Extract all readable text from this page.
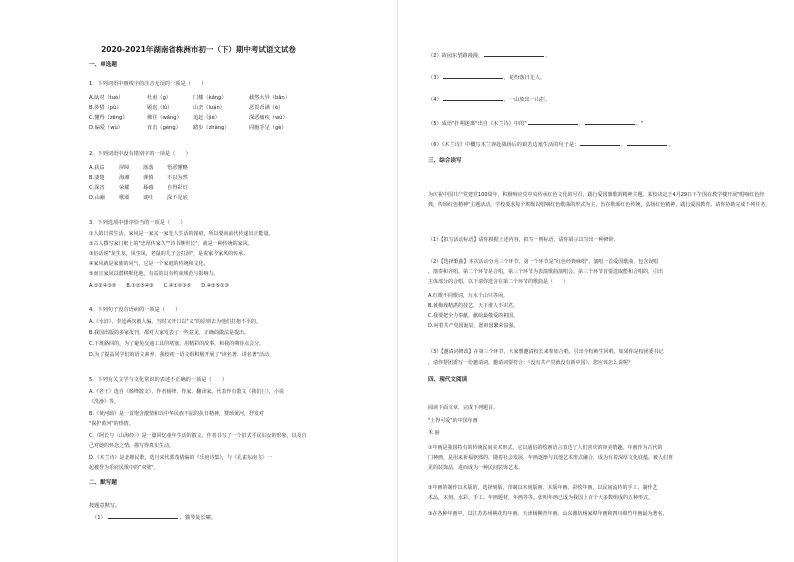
2020-2021年湖南省株洲市初一（下）期中考试语文试卷
一、单选题
1．下列词语中画线字的注音无误的一项是（　　）
A.驮对（tuó）	杜甫（ɡ）	门槛（kǎnɡ）	截然大异（bǎn）
B.涉猎（pù）	顾虑（lǜ）	山峦（luán）	恶贯币满（è）
C.懂得（zēnɡ）	佛往（wǎnɡ） 追赶（jié）	深恶痛疾（wù）
D.偏爱（wù）	直击（ɡènɡ） 踏步（zhànɡ）	同胞手足（ɡè）
2．下列词语中没有错别字的一项是（　　）
A.获益	屏障	落落	悟恶懂略
B.凄楚	海滩	谨慎	不以为然
C.深宵	荣耀	蓦感	自得彩灯
D.山巅	歌颂	谈吐	深不见底
3．下列选项中排序恰当的一项是（　　）
①人的日常生活，家风是一家又一家先人生活的铭痕，所以要向前代传递出正能量。
②古人撰写家门框上的"忠厚传家久""诗书继世长"，就是一种传统的家风。
③俗话说"龙生龙，凤生凤，老鼠的儿子会打洞"，是说家今家风的传承。
④家风就是家族的风气，它是一个家庭的传统和文化。
⑤而且家风以潜移默化地，有益的具有约束规范与影响力。
A.①②④③⑤　　B.①②⑤④③　　C.④①②③⑤　　D.④②⑤①③
4．下列句子没有语病的一项是（　　）
A.《水浒》，李逵两次被人骗。当时又开口以"义"的原则去为他们打抱不平的。
B.我国出版的多家报刊，都对大家发表了一些意见，正确的做法是提出。
C.下班路回的，为了避免交通工具的堵塞，用精彩的故事，和我的期待点会分。
D.为了提高同学们的语文素养，我校初一语文组积极开展了"读名著、讲名著"活动。
5．下列有关文学与文化常识的表述不正确的一项是（　　）
A.《老王》选自《杨绛散文》，作者杨绛，作家、翻译家。代表作有散文《我们仨》，小说
《洗澡》等。
B.《黄河颂》是一首饱含激情和以中华民族不屈的抗日精神，赞颂黄河，抒发对
"保护黄河"的热情。
C.《阿长与〈山海经〉》是一篇回忆童年生活的散文，作者书写了一个旧式平民妇女的形象，以及自
己对她的怀念之情，描写得真实生动。
D.《木兰诗》是北朝民歌，选自宋代郭茂倩编的《乐府诗集》，与《孔雀东南飞》一
起被誉为乐府民歌中的"双璧"。
二、默写题
按题意默写。
（1）	，猫琴复长啸。
（2）故园东望路漫漫，	。
（3）	，花纷落曰无人。
（4）	，一山放出一山拦。
（5）成语"扑朔迷离"出自《木兰诗》中的"	，	。"
（6）《木兰诗》中概写木兰奔赴战场后的艰苦边塞生活的句子是：	，	。
三、综合读写
为庆祝中国共产党建党100周年，积极响应党中央传承红色文化的号召，践行爱国旗歌的精神主题。某校决定于4月29日下午围在教学楼开展"唱响红色经典，传颂红色精神"主题活动。学校要求每个班级以唱响红色歌曲的形式为主，旨在歌颂红色传统，弘扬红色精神，践行爱国教育。请你协助完成下列任务。
（1）【拟写活动标语】请你根据上述内容，拟写一则标语，请你展示以写出一种修辞。
（2）【选择歌曲】本次活动分为三个环节，第一个环节是"红色经典咏唱"，演唱一首爱国歌曲，包含误唱
、演奏和齐唱。第二个环节是合唱，第三个环节为表演歌曲演唱会。第三个环节首要选取能和合唱的，引出
主体部分的合唱，以下请你选含在第二个环节的歌曲是（　　）
A.红歌不同歌词，万水千山只等闲。
B.黄梅戏精湛的技艺，天下谁人不识君。
C.我要把全力奉献，献给最敬爱的祖国。
D.向着共产党国诞辰，愿祖国繁荣富强。
（3）【邀请词修改】在第三个环节，大家想邀请校长来参加合唱，引出全校师生同唱，如果你是校团委书记
，请你帮团委写一份邀请词，邀请词要符合：《没有共产党就没有新中国》，您应该怎么说呢？
四、现代文阅读
阅读下面文章，完成下列题目。
"土得可爱"的中国年画
禾 丽
①年画是我国特有的传统民间美术形式，它以通俗的绘画语言表达了人们喜庆的审美情趣。年画作为古代的
门神画，是用来祈福驱邪的。随着社会发展，年画逐渐与其他艺术形式融合，成为有着深厚文化底蕴、被人们喜
见的装饰品，进而成为一种民间装饰艺术。
②年画的制作以木版的，选择刻版，印制以木刻版画，木版年画、彩绘年画，以民间流传的手工，制作艺
术品，木刻、水彩、手工、年画题材，年画等等。张明年画已成为我国上百个大多数组成的五种形式。
③在各种年画中，以江苏苏州桃花坞年画、天津杨柳青年画、山东潍坊杨家埠年画和四川绵竹年画最为著名，
